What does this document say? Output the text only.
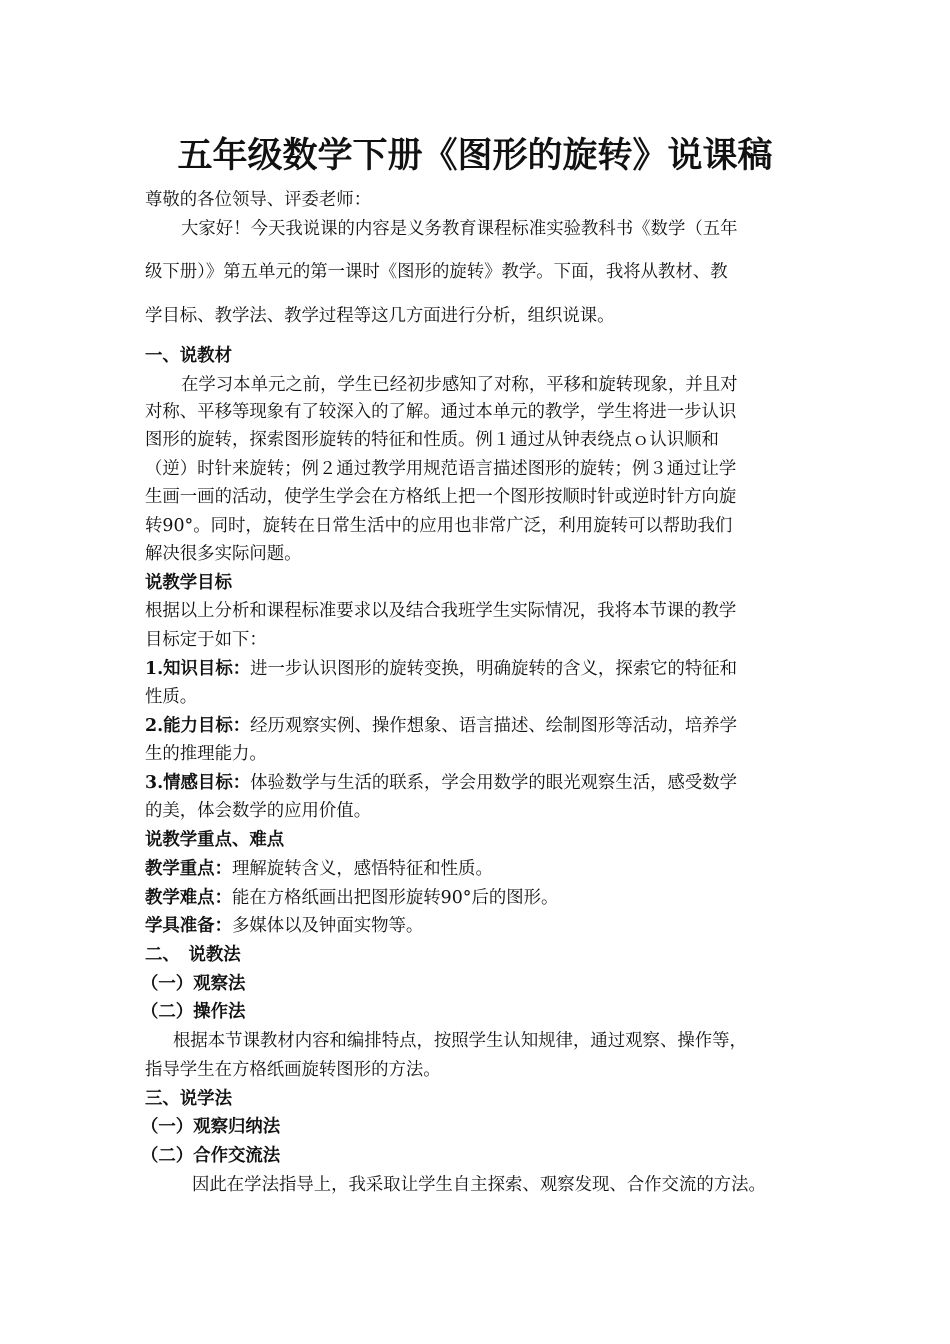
五年级数学下册《图形的旋转》说课稿
尊敬的各位领导、评委老师：
大家好！今天我说课的内容是义务教育课程标准实验教科书《数学（五年
级下册）》第五单元的第一课时《图形的旋转》教学。下面，我将从教材、教
学目标、教学法、教学过程等这几方面进行分析，组织说课。
一、说教材
在学习本单元之前，学生已经初步感知了对称，平移和旋转现象，并且对
对称、平移等现象有了较深入的了解。通过本单元的教学，学生将进一步认识
图形的旋转，探索图形旋转的特征和性质。例１通过从钟表绕点ｏ认识顺和
（逆）时针来旋转；例２通过教学用规范语言描述图形的旋转；例３通过让学
生画一画的活动，使学生学会在方格纸上把一个图形按顺时针或逆时针方向旋
转90°。同时，旋转在日常生活中的应用也非常广泛，利用旋转可以帮助我们
解决很多实际问题。
说教学目标
根据以上分析和课程标准要求以及结合我班学生实际情况，我将本节课的教学
目标定于如下：
1.知识目标：进一步认识图形的旋转变换，明确旋转的含义，探索它的特征和
性质。
2.能力目标：经历观察实例、操作想象、语言描述、绘制图形等活动，培养学
生的推理能力。
3.情感目标：体验数学与生活的联系，学会用数学的眼光观察生活，感受数学
的美，体会数学的应用价值。
说教学重点、难点
教学重点：理解旋转含义，感悟特征和性质。
教学难点：能在方格纸画出把图形旋转90°后的图形。
学具准备：多媒体以及钟面实物等。
二、　说教法
（一）观察法
（二）操作法
根据本节课教材内容和编排特点，按照学生认知规律，通过观察、操作等，
指导学生在方格纸画旋转图形的方法。
三、说学法
（一）观察归纳法
（二）合作交流法
因此在学法指导上，我采取让学生自主探索、观察发现、合作交流的方法。
